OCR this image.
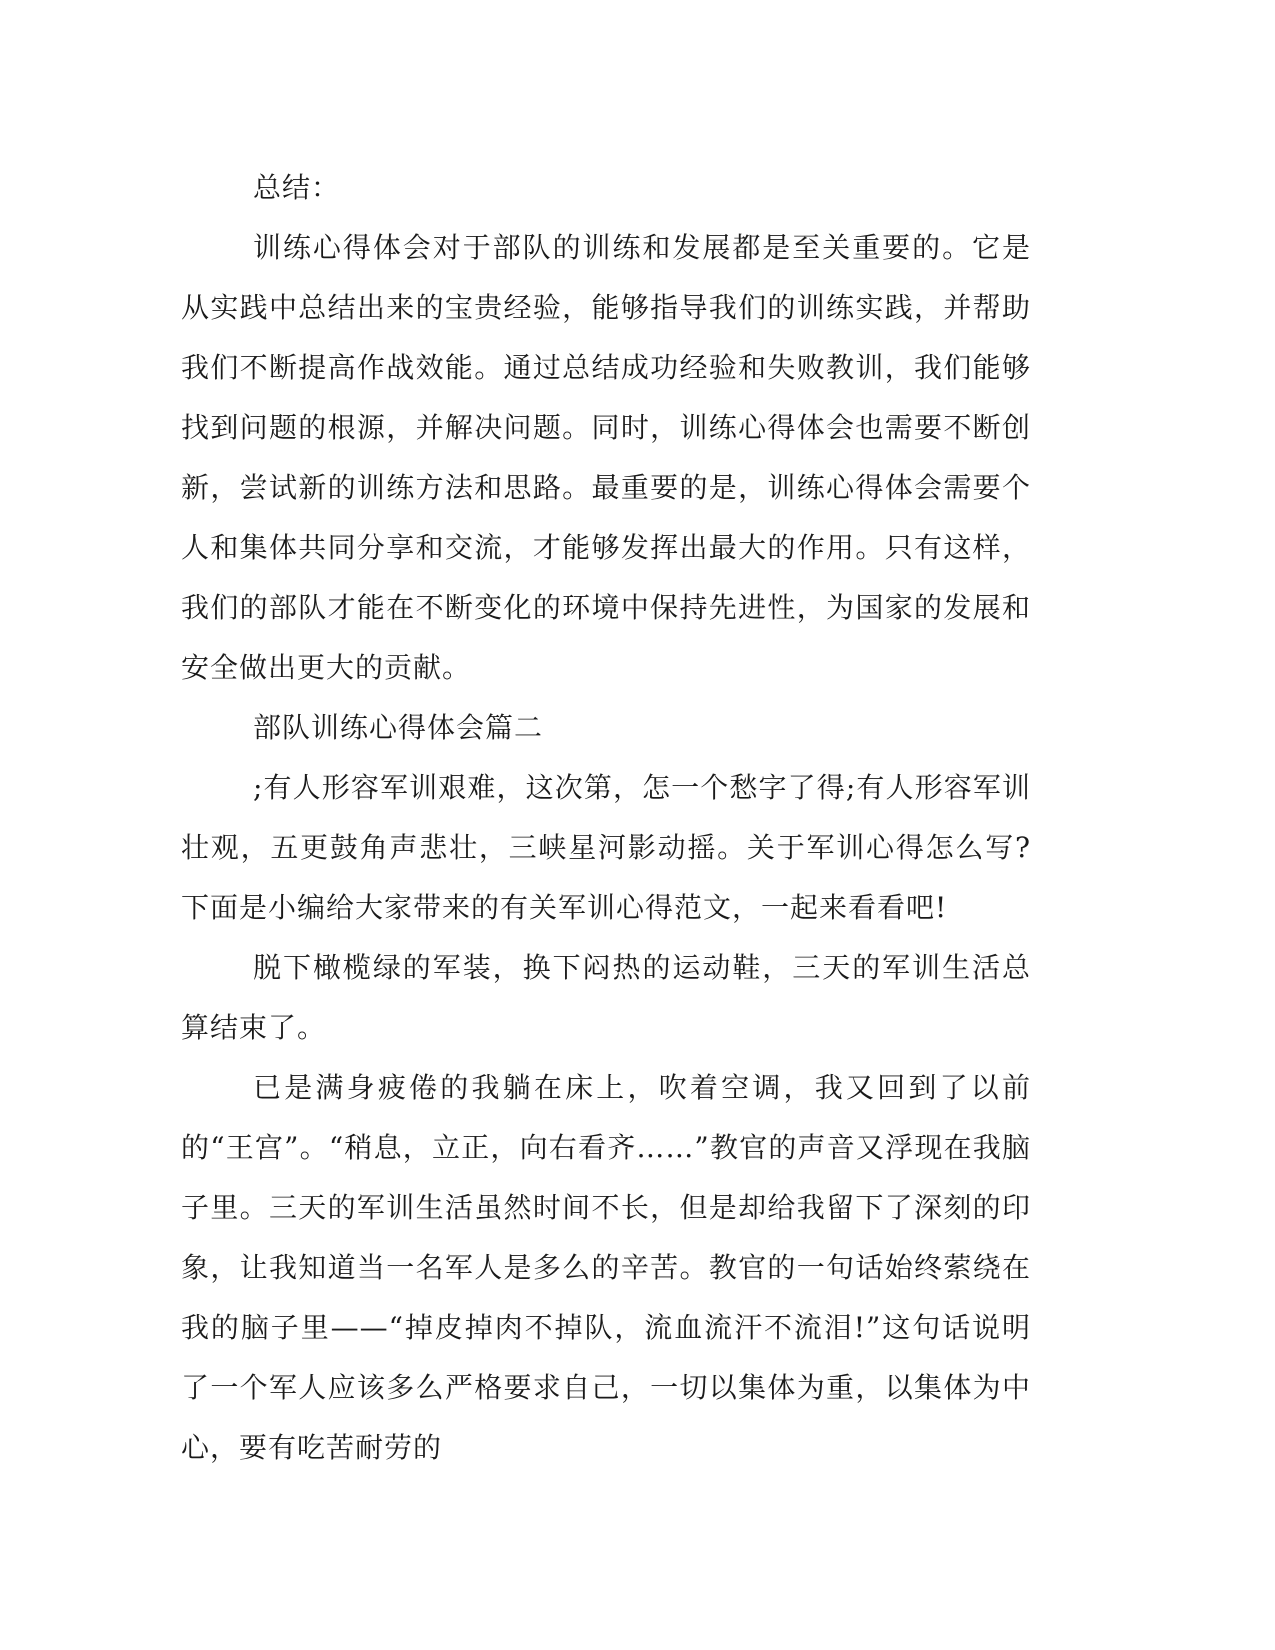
总结：

训练心得体会对于部队的训练和发展都是至关重要的。它是从实践中总结出来的宝贵经验，能够指导我们的训练实践，并帮助我们不断提高作战效能。通过总结成功经验和失败教训，我们能够找到问题的根源，并解决问题。同时，训练心得体会也需要不断创新，尝试新的训练方法和思路。最重要的是，训练心得体会需要个人和集体共同分享和交流，才能够发挥出最大的作用。只有这样，我们的部队才能在不断变化的环境中保持先进性，为国家的发展和安全做出更大的贡献。

部队训练心得体会篇二

;有人形容军训艰难，这次第，怎一个愁字了得;有人形容军训壮观，五更鼓角声悲壮，三峡星河影动摇。关于军训心得怎么写?下面是小编给大家带来的有关军训心得范文，一起来看看吧!

脱下橄榄绿的军装，换下闷热的运动鞋，三天的军训生活总算结束了。

已是满身疲倦的我躺在床上，吹着空调，我又回到了以前的“王宫”。“稍息，立正，向右看齐……”教官的声音又浮现在我脑子里。三天的军训生活虽然时间不长，但是却给我留下了深刻的印象，让我知道当一名军人是多么的辛苦。教官的一句话始终萦绕在我的脑子里——“掉皮掉肉不掉队，流血流汗不流泪!”这句话说明了一个军人应该多么严格要求自己，一切以集体为重，以集体为中心，要有吃苦耐劳的
